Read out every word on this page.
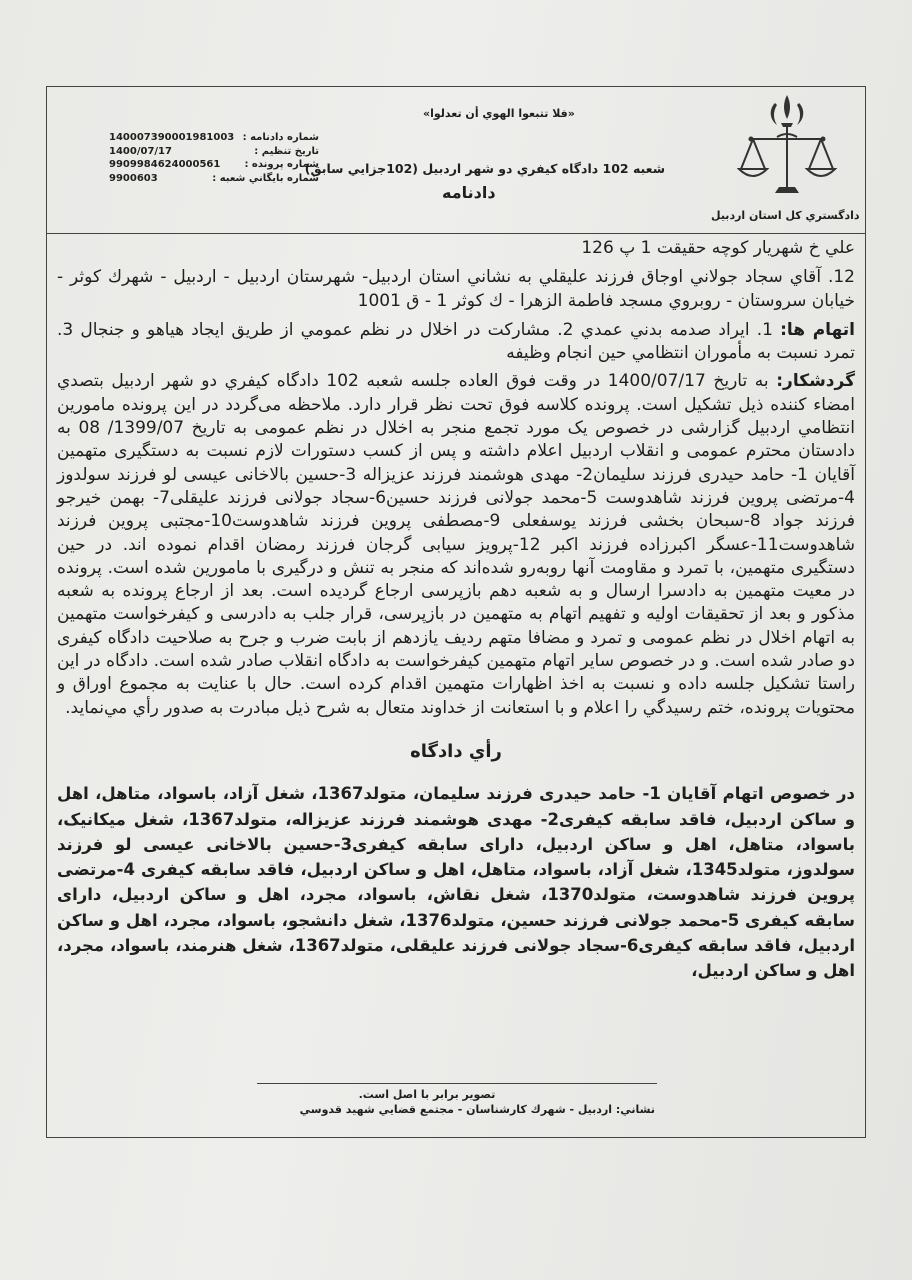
«فلا تتبعوا الهوي أن تعدلوا»
شعبه 102 دادگاه كيفري دو شهر اردبيل (102جزايي سابق)
دادنامه
دادگستري كل استان اردبيل
شماره دادنامه :
140007390001981003
تاريخ تنظيم :
1400/07/17
شماره پرونده :
9909984624000561
شماره بايگاني شعبه :
9900603

علي خ شهريار كوچه حقيقت 1 پ 126

12. آقاي سجاد جولاني اوجاق فرزند عليقلي به نشاني استان اردبيل- شهرستان اردبيل - اردبيل - شهرك كوثر - خيابان سروستان - روبروي مسجد فاطمة الزهرا - ك كوثر 1 - ق 1001

اتهام ها: 1. ايراد صدمه بدني عمدي 2. مشاركت در اخلال در نظم عمومي از طريق ايجاد هياهو و جنجال 3. تمرد نسبت به مأموران انتظامي حين انجام وظيفه

گردشكار: به تاريخ 1400/07/17 در وقت فوق العاده جلسه شعبه 102 دادگاه كيفري دو شهر اردبيل بتصدي امضاء كننده ذيل تشكيل است. پرونده كلاسه فوق تحت نظر قرار دارد. ملاحظه می‌گردد در اين پرونده مامورين انتظامي اردبيل گزارشی در خصوص یک مورد تجمع منجر به اخلال در نظم عمومی به تاریخ 1399/07/ 08 به دادستان محترم عمومی و انقلاب اردبیل اعلام داشته و پس از کسب دستورات لازم نسبت به دستگیری متهمین آقایان 1- حامد حیدری فرزند سلیمان2- مهدی هوشمند فرزند عزیزاله 3-حسین بالاخانی عیسی لو فرزند سولدوز 4-مرتضی پروین فرزند شاهدوست 5-محمد جولانی فرزند حسین6-سجاد جولانی فرزند علیقلی7- بهمن خیرجو فرزند جواد 8-سبحان بخشی فرزند یوسفعلی 9-مصطفی پروین فرزند شاهدوست10-مجتبی پروین فرزند شاهدوست11-عسگر اکبرزاده فرزند اکبر 12-پرویز سیابی گرجان فرزند رمضان اقدام نموده اند. در حین دستگیری متهمین، با تمرد و مقاومت آنها روبه‌رو شده‌اند که منجر به تنش و درگیری با مامورین شده است. پرونده در معیت متهمین به دادسرا ارسال و به شعبه دهم بازپرسی ارجاع گردیده است. بعد از ارجاع پرونده به شعبه مذکور و بعد از تحقیقات اولیه و تفهیم اتهام به متهمین در بازپرسی، قرار جلب به دادرسی و کیفرخواست متهمین به اتهام اخلال در نظم عمومی و تمرد و مضافا متهم ردیف یازدهم از بابت ضرب و جرح به صلاحیت دادگاه کیفری دو صادر شده است. و در خصوص سایر اتهام متهمین کیفرخواست به دادگاه انقلاب صادر شده است. دادگاه در این راستا تشکیل جلسه داده و نسبت به اخذ اظهارات متهمین اقدام کرده است. حال با عنایت به مجموع اوراق و محتویات پرونده، ختم رسيدگي را اعلام و با استعانت از خداوند متعال به شرح ذيل مبادرت به صدور رأي مي‌نمايد.

رأي دادگاه

در خصوص اتهام آقایان 1- حامد حیدری فرزند سلیمان، متولد1367، شغل آزاد، باسواد، متاهل، اهل و ساکن اردبیل، فاقد سابقه کیفری2- مهدی هوشمند فرزند عزیزاله، متولد1367، شغل میکانیک، باسواد، متاهل، اهل و ساکن اردبیل، دارای سابقه کیفری3-حسین بالاخانی عیسی لو فرزند سولدوز، متولد1345، شغل آزاد، باسواد، متاهل، اهل و ساکن اردبیل، فاقد سابقه کیفری 4-مرتضی پروین فرزند شاهدوست، متولد1370، شغل نقاش، باسواد، مجرد، اهل و ساکن اردبیل، دارای سابقه کیفری 5-محمد جولانی فرزند حسین، متولد1376، شغل دانشجو، باسواد، مجرد، اهل و ساکن اردبیل، فاقد سابقه کیفری6-سجاد جولانی فرزند علیقلی، متولد1367، شغل هنرمند، باسواد، مجرد، اهل و ساکن اردبیل،

تصوير برابر با اصل است.
نشاني: اردبيل - شهرك كارشناسان - مجتمع قضايي شهيد قدوسي
